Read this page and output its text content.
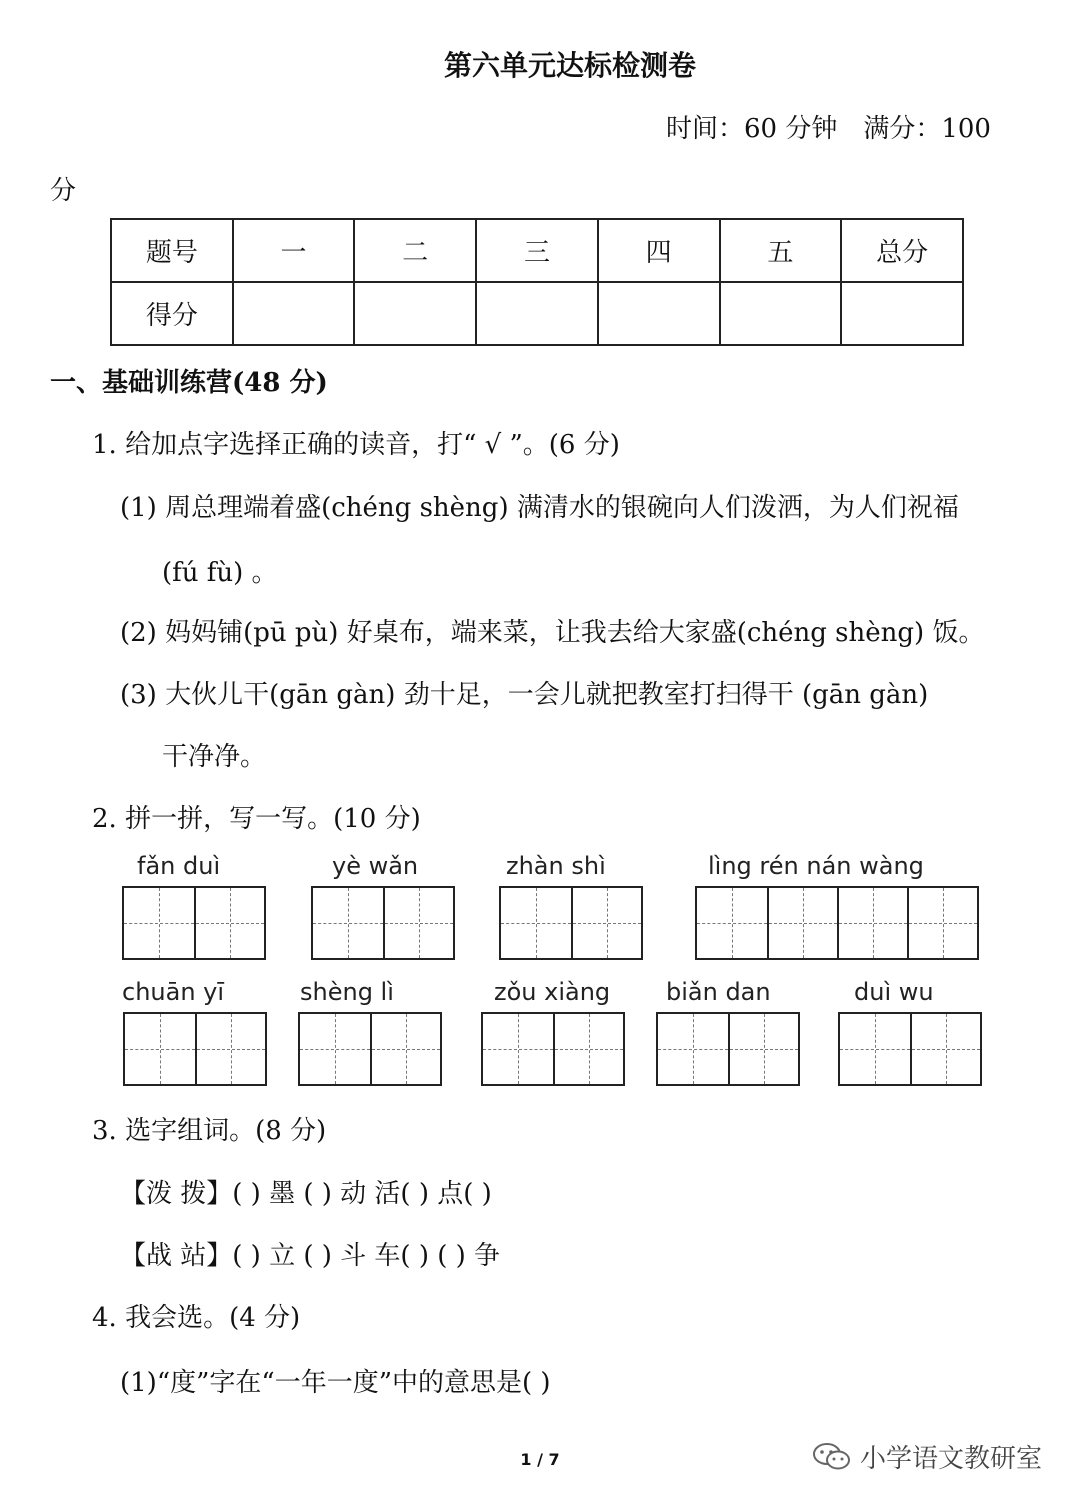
第六单元达标检测卷
时间：60 分钟　满分：100
分
题号	一	二	三	四	五	总分
得分						
一、基础训练营(48 分)
1. 给加点字选择正确的读音，打“ √ ”。(6 分)
(1) 周总理端着盛(chéng shèng) 满清水的银碗向人们泼洒，为人们祝福
(fú fù) 。
(2) 妈妈铺(pū pù) 好桌布，端来菜，让我去给大家盛(chéng shèng) 饭。
(3) 大伙儿干(gān gàn) 劲十足，一会儿就把教室打扫得干 (gān gàn)
干净净。
2. 拼一拼，写一写。(10 分)
fǎn duì	yè wǎn	zhàn shì	lìng rén nán wàng
chuān yī	shèng lì	zǒu xiàng biǎn dan	duì wu
3. 选字组词。(8 分)
【泼 拨】( ) 墨 ( ) 动 活( ) 点( )
【战 站】( ) 立 ( ) 斗 车( ) ( ) 争
4. 我会选。(4 分)
(1)“度”字在“一年一度”中的意思是( )
1 / 7	小学语文教研室
